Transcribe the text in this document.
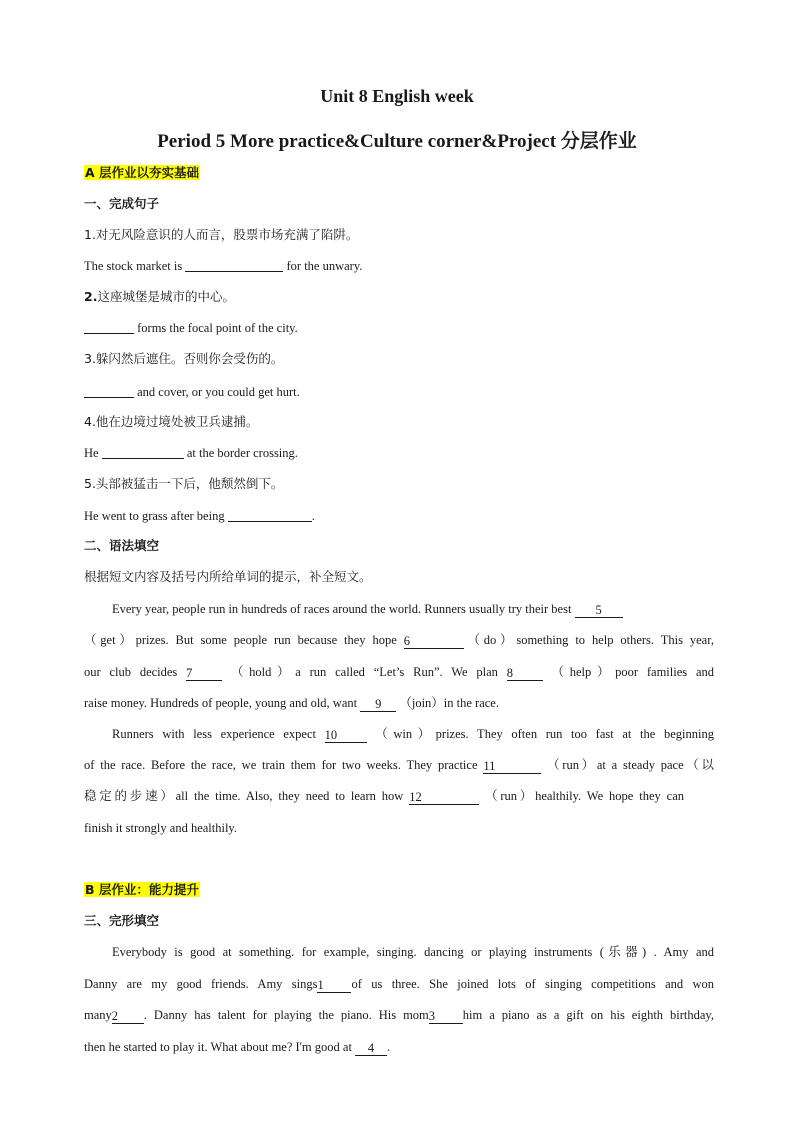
Unit 8 English week
Period 5 More practice&Culture corner&Project 分层作业
A 层作业以夯实基础
一、完成句子
1.对无风险意识的人而言，股票市场充满了陷阱。
The stock market is	for the unwary.
2.这座城堡是城市的中心。
forms the focal point of the city.
3.躲闪然后遮住。否则你会受伤的。
and cover, or you could get hurt.
4.他在边境过境处被卫兵逮捕。
He	at the border crossing.
5.头部被猛击一下后，他颓然倒下。
He went to grass after being	.
二、语法填空
根据短文内容及括号内所给单词的提示，补全短文。
Every year, people run in hundreds of races around the world. Runners usually try their best 5
（get）prizes. But some people run because they hope 6	（do）something to help others. This year,
our club decides 7 （hold）a run called “Let’s Run”. We plan 8 （help）poor families and
raise money. Hundreds of people, young and old, want 9 （join）in the race.
Runners with less experience expect 10 （win）prizes. They often run too fast at the beginning
of the race. Before the race, we train them for two weeks. They practice 11	（run）at a steady pace（以
稳定的步速）all the time. Also, they need to learn how 12	（run）healthily. We hope they can
finish it strongly and healthily.
B 层作业：能力提升
三、完形填空
Everybody is good at something. for example, singing. dancing or playing instruments (乐器) . Amy and
Danny are my good friends. Amy sings1 of us three. She joined lots of singing competitions and won
many2 . Danny has talent for playing the piano. His mom3 him a piano as a gift on his eighth birthday,
then he started to play it. What about me? I'm good at 4 .
